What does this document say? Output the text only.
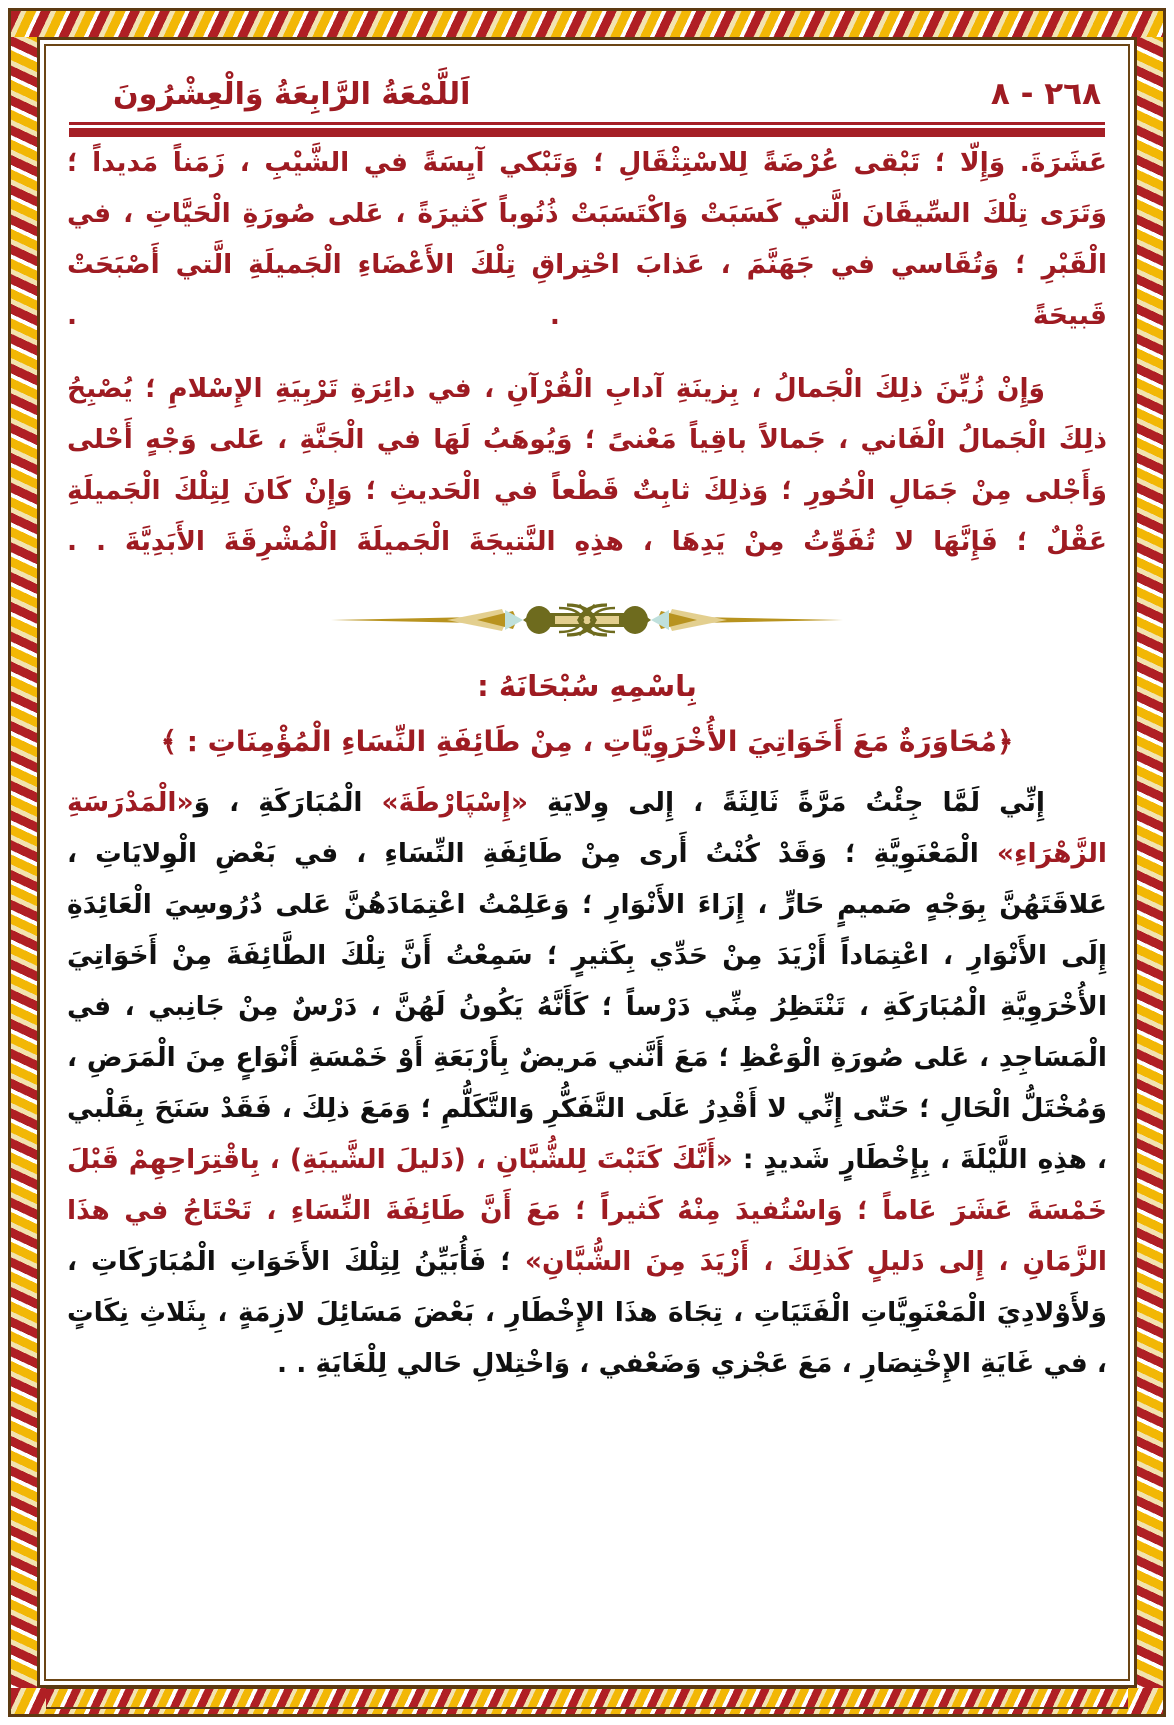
٢٦٨ - ٨
اَللَّمْعَةُ الرَّابِعَةُ وَالْعِشْرُونَ

عَشَرَةَ. وَإِلّا ؛ تَبْقى عُرْضَةً لِلاسْتِثْقَالِ ؛ وَتَبْكي آيِسَةً في الشَّيْبِ ، زَمَناً مَديداً ؛ وَتَرَى تِلْكَ السِّيقَانَ الَّتي كَسَبَتْ وَاكْتَسَبَتْ ذُنُوباً كَثيرَةً ، عَلى صُورَةِ الْحَيَّاتِ ، في الْقَبْرِ ؛ وَتُقَاسي في جَهَنَّمَ ، عَذابَ احْتِراقِ تِلْكَ الأَعْضَاءِ الْجَميلَةِ الَّتي أَصْبَحَتْ قَبيحَةً . .

وَإِنْ زُيِّنَ ذلِكَ الْجَمالُ ، بِزينَةِ آدابِ الْقُرْآنِ ، في دائِرَةِ تَرْبِيَةِ الإِسْلامِ ؛ يُصْبِحُ ذلِكَ الْجَمالُ الْفَاني ، جَمالاً باقِياً مَعْنىً ؛ وَيُوهَبُ لَهَا في الْجَنَّةِ ، عَلى وَجْهٍ أَحْلى وَأَجْلى مِنْ جَمَالِ الْحُورِ ؛ وَذلِكَ ثابِتٌ قَطْعاً في الْحَديثِ ؛ وَإِنْ كَانَ لِتِلْكَ الْجَميلَةِ عَقْلٌ ؛ فَإِنَّهَا لا تُفَوِّتُ مِنْ يَدِهَا ، هذِهِ النَّتيجَةَ الْجَميلَةَ الْمُشْرِقَةَ الأَبَدِيَّةَ . .

بِاسْمِهِ سُبْحَانَهُ :
﴿مُحَاوَرَةٌ مَعَ أَخَوَاتِيَ الأُخْرَوِيَّاتِ ، مِنْ طَائِفَةِ النِّسَاءِ الْمُؤْمِنَاتِ : ﴾

إِنِّي لَمَّا جِئْتُ مَرَّةً ثَالِثَةً ، إِلى وِلايَةِ «إِسْپَارْطَةَ» الْمُبَارَكَةِ ، وَ«الْمَدْرَسَةِ الزَّهْرَاءِ» الْمَعْنَوِيَّةِ ؛ وَقَدْ كُنْتُ أَرى مِنْ طَائِفَةِ النِّسَاءِ ، في بَعْضِ الْوِلايَاتِ ، عَلاقَتَهُنَّ بِوَجْهٍ صَميمٍ حَارٍّ ، إِزَاءَ الأَنْوَارِ ؛ وَعَلِمْتُ اعْتِمَادَهُنَّ عَلى دُرُوسِيَ الْعَائِدَةِ إِلَى الأَنْوَارِ ، اعْتِمَاداً أَزْيَدَ مِنْ حَدِّي بِكَثيرٍ ؛ سَمِعْتُ أَنَّ تِلْكَ الطَّائِفَةَ مِنْ أَخَوَاتِيَ الأُخْرَوِيَّةِ الْمُبَارَكَةِ ، تَنْتَظِرُ مِنِّي دَرْساً ؛ كَأَنَّهُ يَكُونُ لَهُنَّ ، دَرْسٌ مِنْ جَانِبي ، في الْمَسَاجِدِ ، عَلى صُورَةِ الْوَعْظِ ؛ مَعَ أَنَّني مَريضٌ بِأَرْبَعَةِ أَوْ خَمْسَةِ أَنْوَاعٍ مِنَ الْمَرَضِ ، وَمُخْتَلُّ الْحَالِ ؛ حَتّى إِنِّي لا أَقْدِرُ عَلَى التَّفَكُّرِ وَالتَّكَلُّمِ ؛ وَمَعَ ذلِكَ ، فَقَدْ سَنَحَ بِقَلْبي ، هذِهِ اللَّيْلَةَ ، بِإِخْطَارٍ شَديدٍ : «أَنَّكَ كَتَبْتَ لِلشُّبَّانِ ، (دَليلَ الشَّيبَةِ) ، بِاقْتِرَاحِهِمْ قَبْلَ خَمْسَةَ عَشَرَ عَاماً ؛ وَاسْتُفيدَ مِنْهُ كَثيراً ؛ مَعَ أَنَّ طَائِفَةَ النِّسَاءِ ، تَحْتَاجُ في هذَا الزَّمَانِ ، إِلى دَليلٍ كَذلِكَ ، أَزْيَدَ مِنَ الشُّبَّانِ» ؛ فَأُبَيِّنُ لِتِلْكَ الأَخَوَاتِ الْمُبَارَكَاتِ ، وَلأَوْلادِيَ الْمَعْنَوِيَّاتِ الْفَتَيَاتِ ، تِجَاهَ هذَا الإِخْطَارِ ، بَعْضَ مَسَائِلَ لازِمَةٍ ، بِثَلاثِ نِكَاتٍ ، في غَايَةِ الإِخْتِصَارِ ، مَعَ عَجْزي وَضَعْفي ، وَاخْتِلالِ حَالي لِلْغَايَةِ . .
